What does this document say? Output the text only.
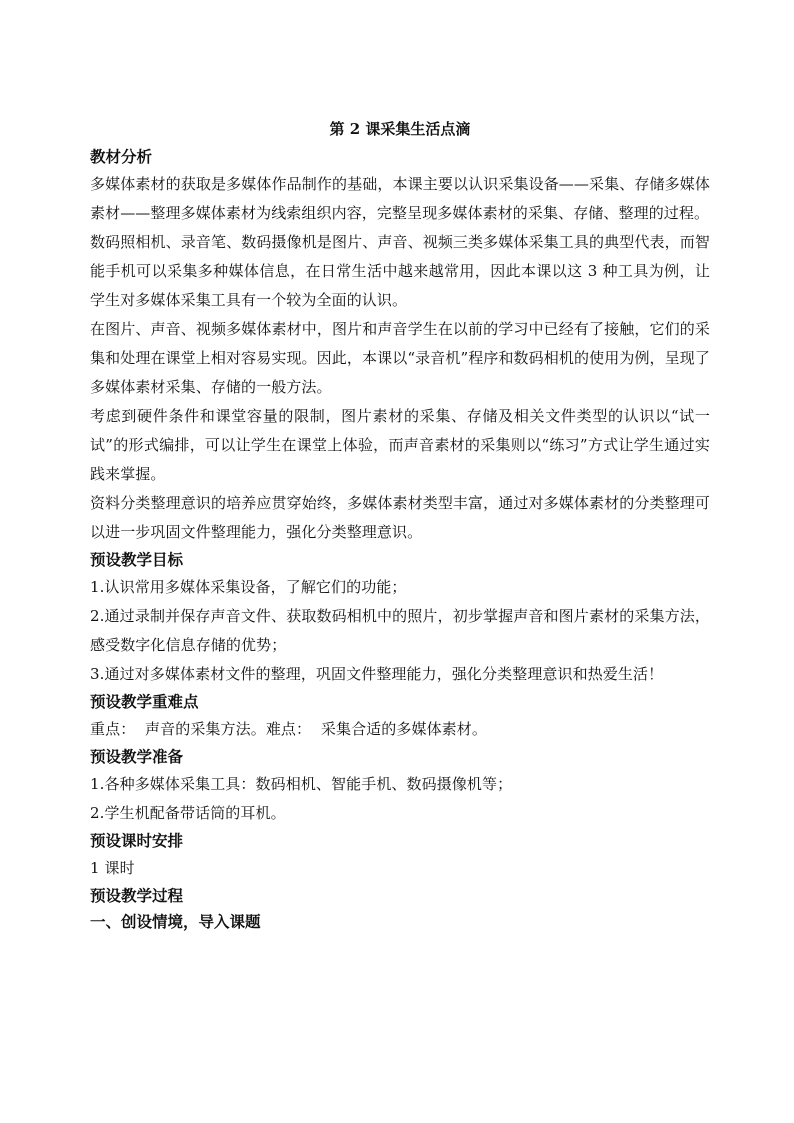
第 2 课采集生活点滴
教材分析
多媒体素材的获取是多媒体作品制作的基础，本课主要以认识采集设备——采集、存储多媒体素材——整理多媒体素材为线索组织内容，完整呈现多媒体素材的采集、存储、整理的过程。
数码照相机、录音笔、数码摄像机是图片、声音、视频三类多媒体采集工具的典型代表，而智能手机可以采集多种媒体信息，在日常生活中越来越常用，因此本课以这 3 种工具为例，让学生对多媒体采集工具有一个较为全面的认识。
在图片、声音、视频多媒体素材中，图片和声音学生在以前的学习中已经有了接触，它们的采集和处理在课堂上相对容易实现。因此，本课以“录音机”程序和数码相机的使用为例，呈现了多媒体素材采集、存储的一般方法。
考虑到硬件条件和课堂容量的限制，图片素材的采集、存储及相关文件类型的认识以“试一试”的形式编排，可以让学生在课堂上体验，而声音素材的采集则以“练习”方式让学生通过实践来掌握。
资料分类整理意识的培养应贯穿始终，多媒体素材类型丰富，通过对多媒体素材的分类整理可以进一步巩固文件整理能力，强化分类整理意识。
预设教学目标
1.认识常用多媒体采集设备，了解它们的功能；
2.通过录制并保存声音文件、获取数码相机中的照片，初步掌握声音和图片素材的采集方法，感受数字化信息存储的优势；
3.通过对多媒体素材文件的整理，巩固文件整理能力，强化分类整理意识和热爱生活！
预设教学重难点
重点：  声音的采集方法。难点：  采集合适的多媒体素材。
预设教学准备
1.各种多媒体采集工具：数码相机、智能手机、数码摄像机等；
2.学生机配备带话筒的耳机。
预设课时安排
1 课时
预设教学过程
一、创设情境，导入课题
